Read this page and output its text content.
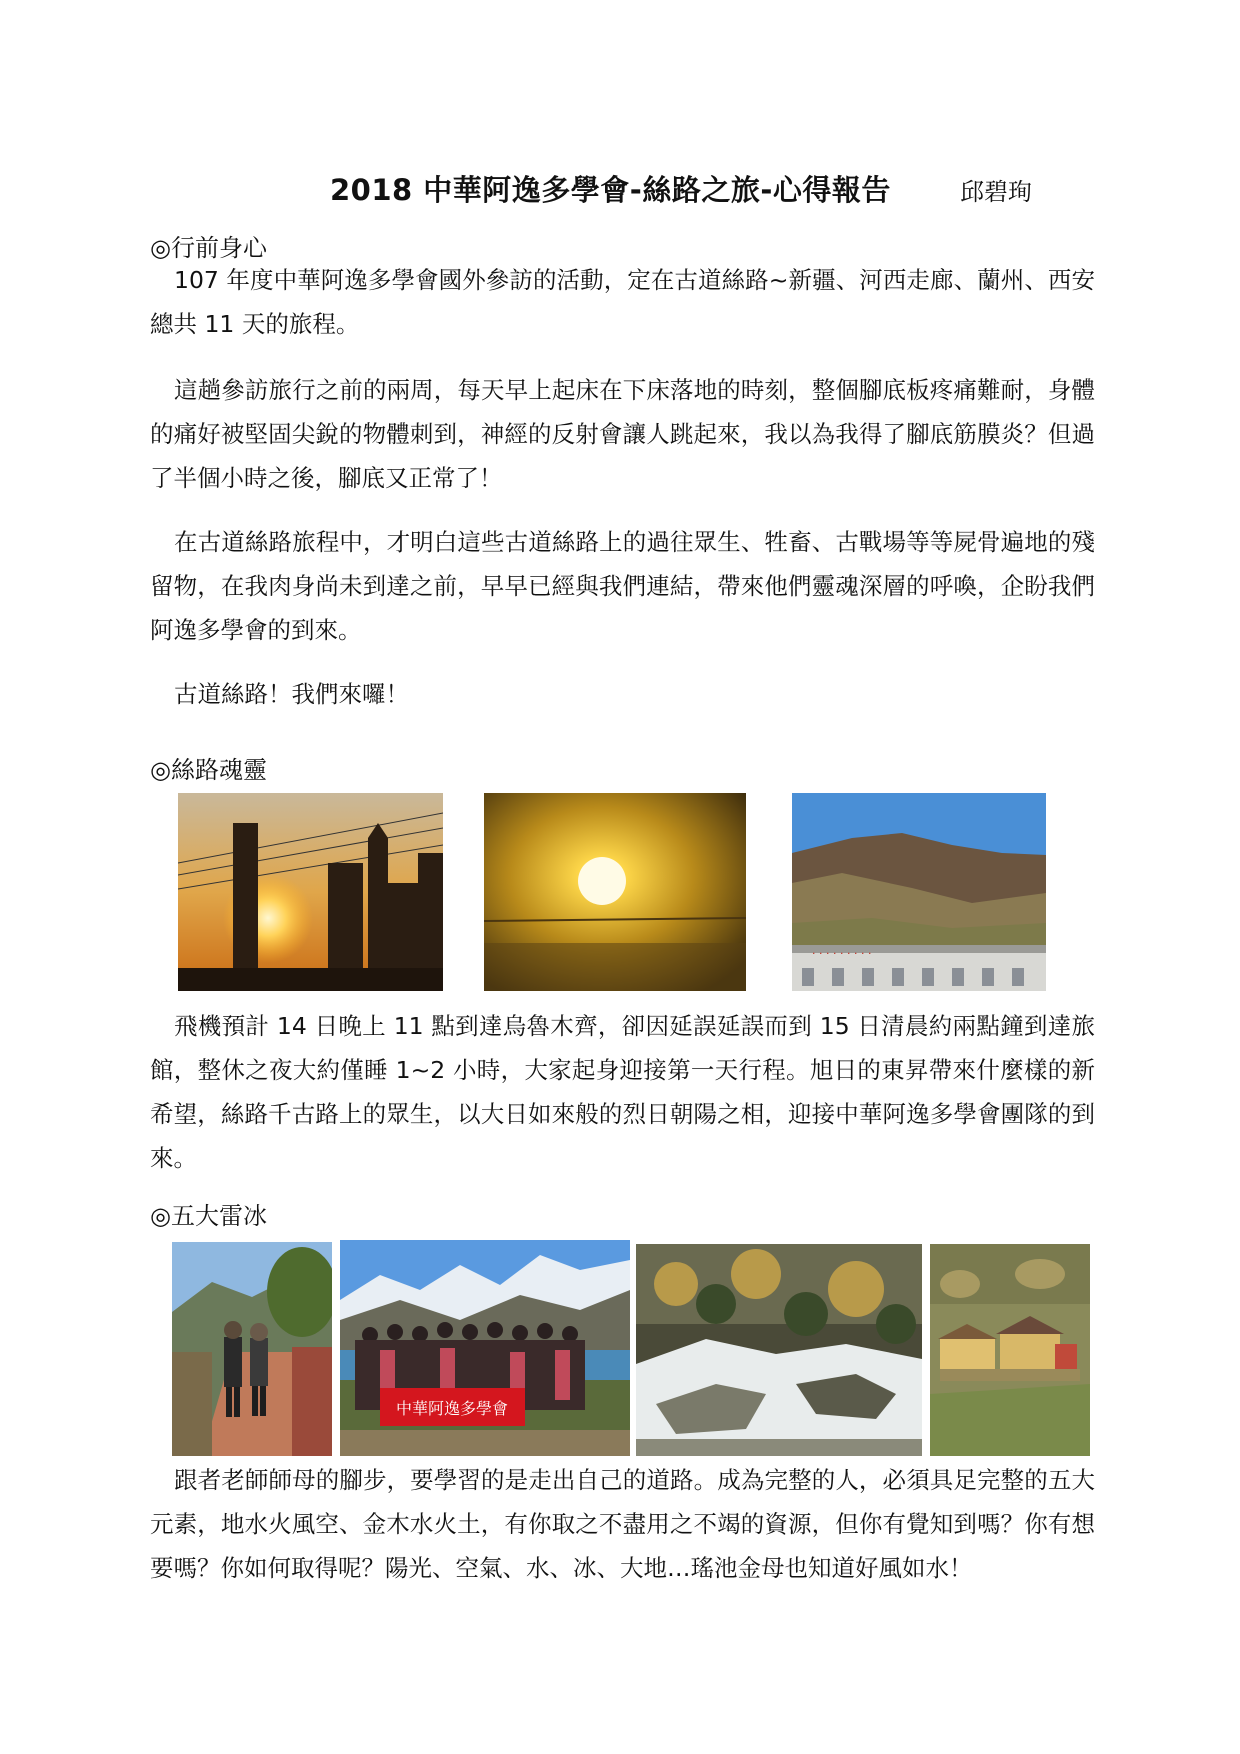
2018 中華阿逸多學會-絲路之旅-心得報告	邱碧珣
◎行前身心
107 年度中華阿逸多學會國外參訪的活動，定在古道絲路~新疆、河西走廊、蘭州、西安總共 11 天的旅程。
這趟參訪旅行之前的兩周，每天早上起床在下床落地的時刻，整個腳底板疼痛難耐，身體的痛好被堅固尖銳的物體刺到，神經的反射會讓人跳起來，我以為我得了腳底筋膜炎？但過了半個小時之後，腳底又正常了！
在古道絲路旅程中，才明白這些古道絲路上的過往眾生、牲畜、古戰場等等屍骨遍地的殘留物，在我肉身尚未到達之前，早早已經與我們連結，帶來他們靈魂深層的呼喚，企盼我們阿逸多學會的到來。
古道絲路！我們來囉！
◎絲路魂靈
· · · · · · · · ·
飛機預計 14 日晚上 11 點到達烏魯木齊，卻因延誤延誤而到 15 日清晨約兩點鐘到達旅館，整休之夜大約僅睡 1~2 小時，大家起身迎接第一天行程。旭日的東昇帶來什麼樣的新希望，絲路千古路上的眾生，以大日如來般的烈日朝陽之相，迎接中華阿逸多學會團隊的到來。
◎五大雷冰
中華阿逸多學會
跟者老師師母的腳步，要學習的是走出自己的道路。成為完整的人，必須具足完整的五大元素，地水火風空、金木水火土，有你取之不盡用之不竭的資源，但你有覺知到嗎？你有想要嗎？你如何取得呢？陽光、空氣、水、冰、大地…瑤池金母也知道好風如水！
